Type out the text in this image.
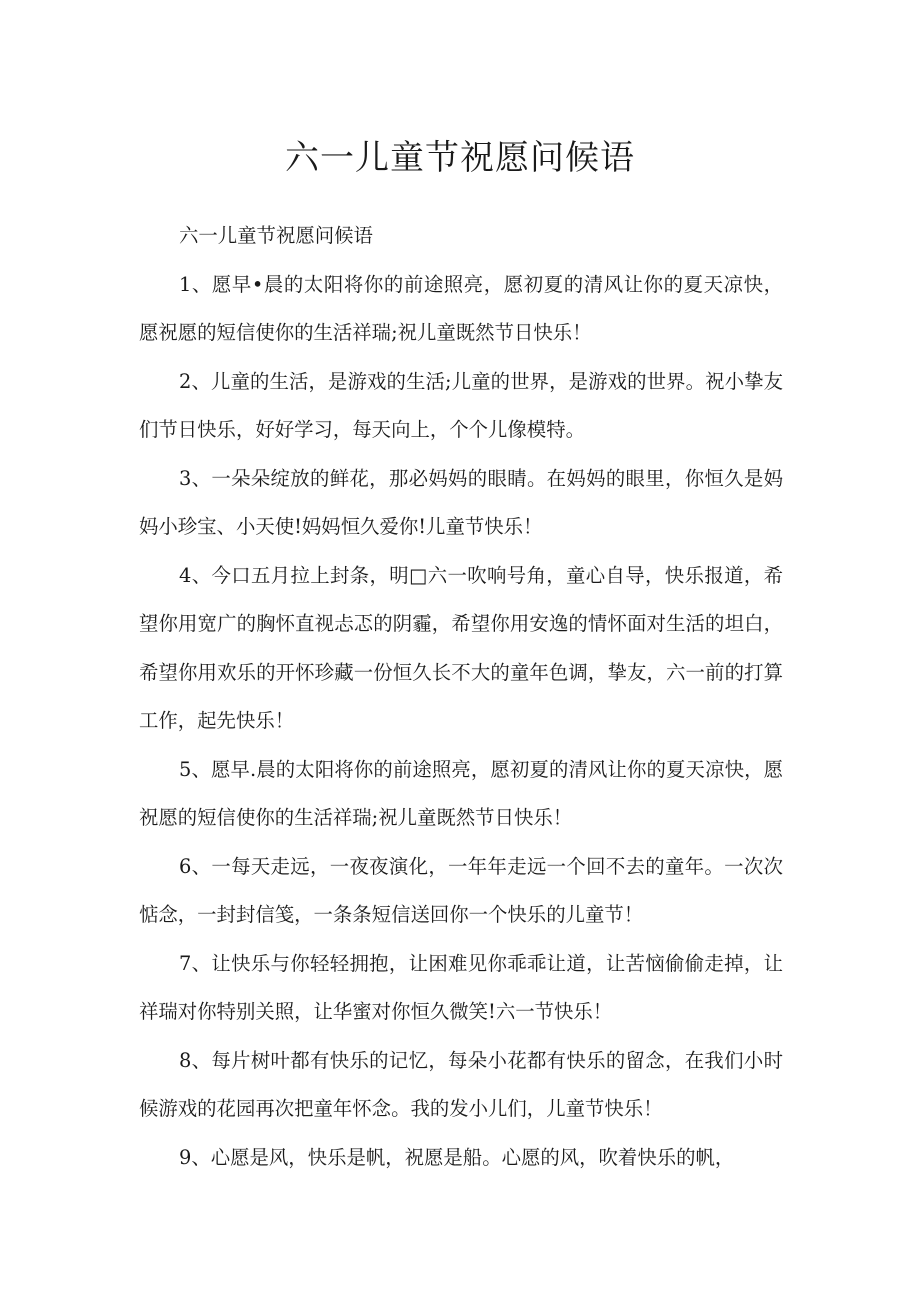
六一儿童节祝愿问候语

六一儿童节祝愿问候语

1、愿早•晨的太阳将你的前途照亮，愿初夏的清风让你的夏天凉快，愿祝愿的短信使你的生活祥瑞;祝儿童既然节日快乐！

2、儿童的生活，是游戏的生活;儿童的世界，是游戏的世界。祝小挚友们节日快乐，好好学习，每天向上，个个儿像模特。

3、一朵朵绽放的鲜花，那必妈妈的眼睛。在妈妈的眼里，你恒久是妈妈小珍宝、小天使!妈妈恒久爱你!儿童节快乐！

4、今口五月拉上封条，明□六一吹响号角，童心自导，快乐报道，希望你用宽广的胸怀直视忐忑的阴霾，希望你用安逸的情怀面对生活的坦白，希望你用欢乐的开怀珍藏一份恒久长不大的童年色调，挚友，六一前的打算工作，起先快乐！

5、愿早.晨的太阳将你的前途照亮，愿初夏的清风让你的夏天凉快，愿祝愿的短信使你的生活祥瑞;祝儿童既然节日快乐！

6、一每天走远，一夜夜演化，一年年走远一个回不去的童年。一次次惦念，一封封信笺，一条条短信送回你一个快乐的儿童节！

7、让快乐与你轻轻拥抱，让困难见你乖乖让道，让苦恼偷偷走掉，让祥瑞对你特别关照，让华蜜对你恒久微笑!六一节快乐！

8、每片树叶都有快乐的记忆，每朵小花都有快乐的留念，在我们小时候游戏的花园再次把童年怀念。我的发小儿们，儿童节快乐！

9、心愿是风，快乐是帆，祝愿是船。心愿的风，吹着快乐的帆，
